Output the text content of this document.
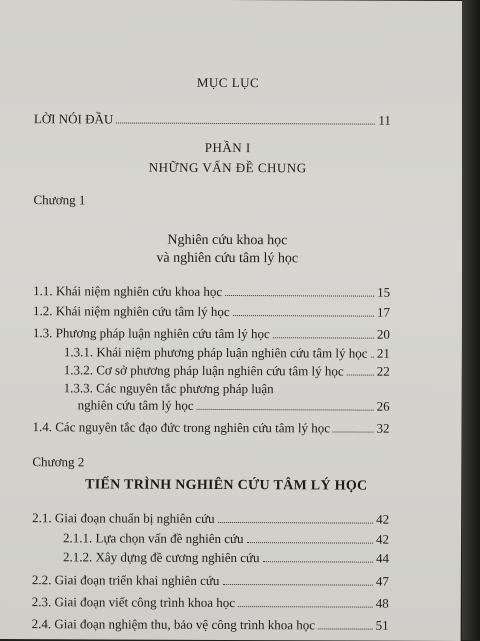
MỤC LỤC
LỜI NÓI ĐẦU	11
PHẦN I
NHỮNG VẤN ĐỀ CHUNG
Chương 1
Nghiên cứu khoa học
và nghiên cứu tâm lý học
1.1. Khái niệm nghiên cứu khoa học	15
1.2. Khái niệm nghiên cứu tâm lý học	17
1.3. Phương pháp luận nghiên cứu tâm lý học	20
1.3.1. Khái niệm phương pháp luận nghiên cứu tâm lý học 21
1.3.2. Cơ sở phương pháp luận nghiên cứu tâm lý học	22
1.3.3. Các nguyên tắc phương pháp luận
nghiên cứu tâm lý học	26
1.4. Các nguyên tắc đạo đức trong nghiên cứu tâm lý học	32
Chương 2
TIẾN TRÌNH NGHIÊN CỨU TÂM LÝ HỌC
2.1. Giai đoạn chuẩn bị nghiên cứu	42
2.1.1. Lựa chọn vấn đề nghiên cứu	42
2.1.2. Xây dựng đề cương nghiên cứu	44
2.2. Giai đoạn triển khai nghiên cứu	47
2.3. Giai đoạn viết công trình khoa học	48
2.4. Giai đoạn nghiệm thu, bảo vệ công trình khoa học	51
